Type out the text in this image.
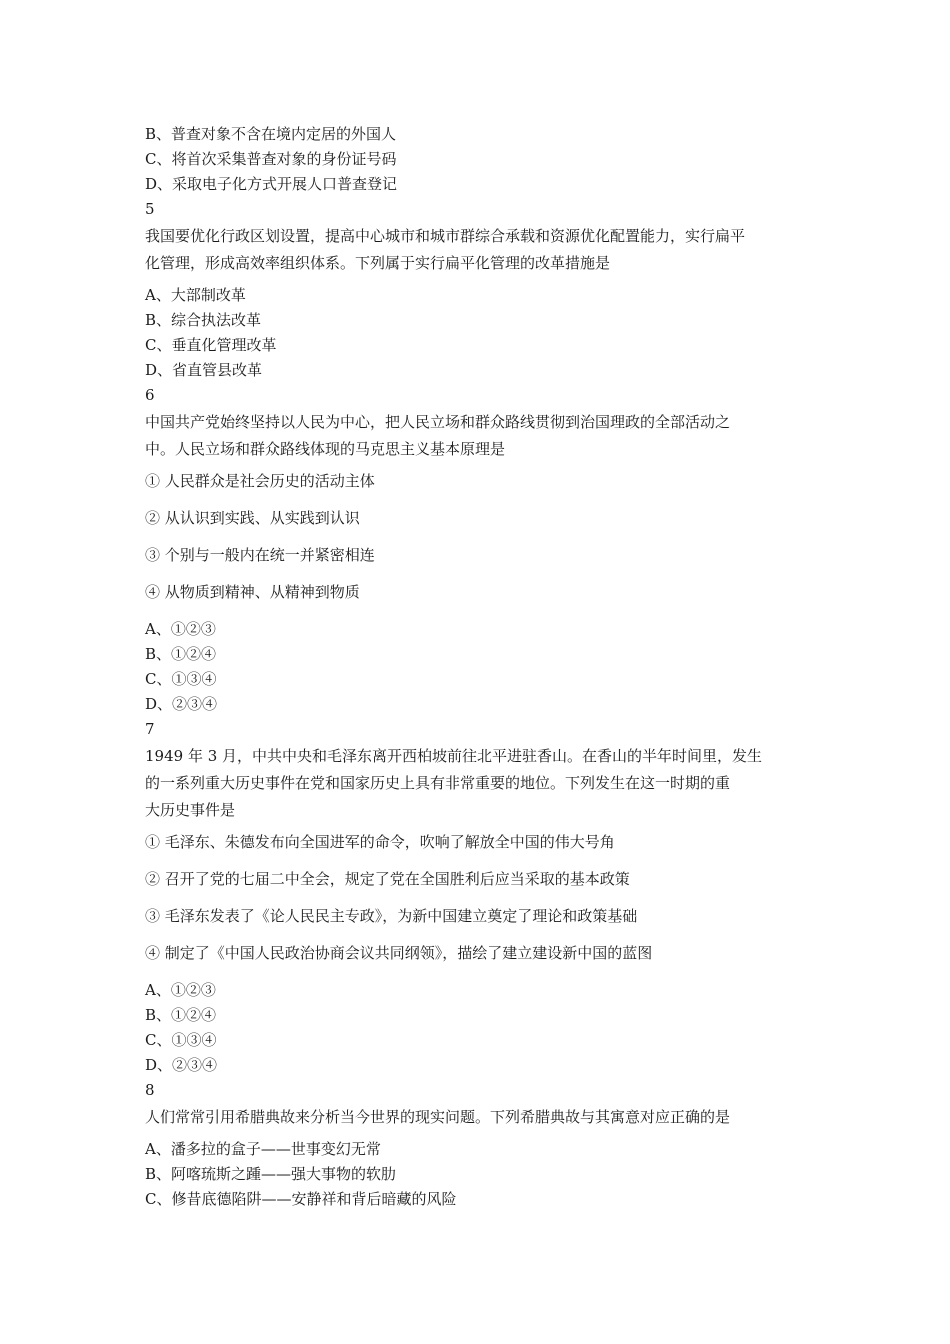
B、普查对象不含在境内定居的外国人
C、将首次采集普查对象的身份证号码
D、采取电子化方式开展人口普查登记
5
我国要优化行政区划设置，提高中心城市和城市群综合承载和资源优化配置能力，实行扁平
化管理，形成高效率组织体系。下列属于实行扁平化管理的改革措施是
A、大部制改革
B、综合执法改革
C、垂直化管理改革
D、省直管县改革
6
中国共产党始终坚持以人民为中心，把人民立场和群众路线贯彻到治国理政的全部活动之
中。人民立场和群众路线体现的马克思主义基本原理是
① 人民群众是社会历史的活动主体
② 从认识到实践、从实践到认识
③ 个别与一般内在统一并紧密相连
④ 从物质到精神、从精神到物质
A、①②③
B、①②④
C、①③④
D、②③④
7
1949 年 3 月，中共中央和毛泽东离开西柏坡前往北平进驻香山。在香山的半年时间里，发生
的一系列重大历史事件在党和国家历史上具有非常重要的地位。下列发生在这一时期的重
大历史事件是
① 毛泽东、朱德发布向全国进军的命令，吹响了解放全中国的伟大号角
② 召开了党的七届二中全会，规定了党在全国胜利后应当采取的基本政策
③ 毛泽东发表了《论人民民主专政》，为新中国建立奠定了理论和政策基础
④ 制定了《中国人民政治协商会议共同纲领》，描绘了建立建设新中国的蓝图
A、①②③
B、①②④
C、①③④
D、②③④
8
人们常常引用希腊典故来分析当今世界的现实问题。下列希腊典故与其寓意对应正确的是
A、潘多拉的盒子——世事变幻无常
B、阿喀琉斯之踵——强大事物的软肋
C、修昔底德陷阱——安静祥和背后暗藏的风险
